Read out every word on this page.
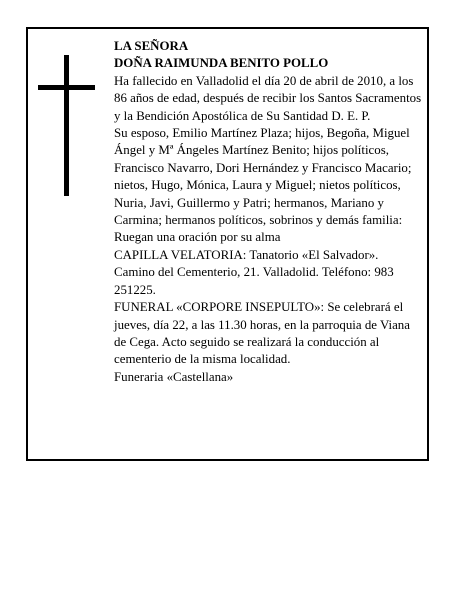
LA SEÑORA

DOÑA RAIMUNDA BENITO POLLO

Ha fallecido en Valladolid el día 20 de abril de 2010, a los 86 años de edad, después de recibir los Santos Sacramentos y la Bendición Apostólica de Su Santidad D. E. P.

Su esposo, Emilio Martínez Plaza; hijos, Begoña, Miguel Ángel y Mª Ángeles Martínez Benito; hijos políticos, Francisco Navarro, Dori Hernández y Francisco Macario; nietos, Hugo, Mónica, Laura y Miguel; nietos políticos, Nuria, Javi, Guillermo y Patri; hermanos, Mariano y Carmina; hermanos políticos, sobrinos y demás familia:

Ruegan una oración por su alma

CAPILLA VELATORIA: Tanatorio «El Salvador». Camino del Cementerio, 21. Valladolid. Teléfono: 983 251225.

FUNERAL «CORPORE INSEPULTO»: Se celebrará el jueves, día 22, a las 11.30 horas, en la parroquia de Viana de Cega. Acto seguido se realizará la conducción al cementerio de la misma localidad.

Funeraria «Castellana»
